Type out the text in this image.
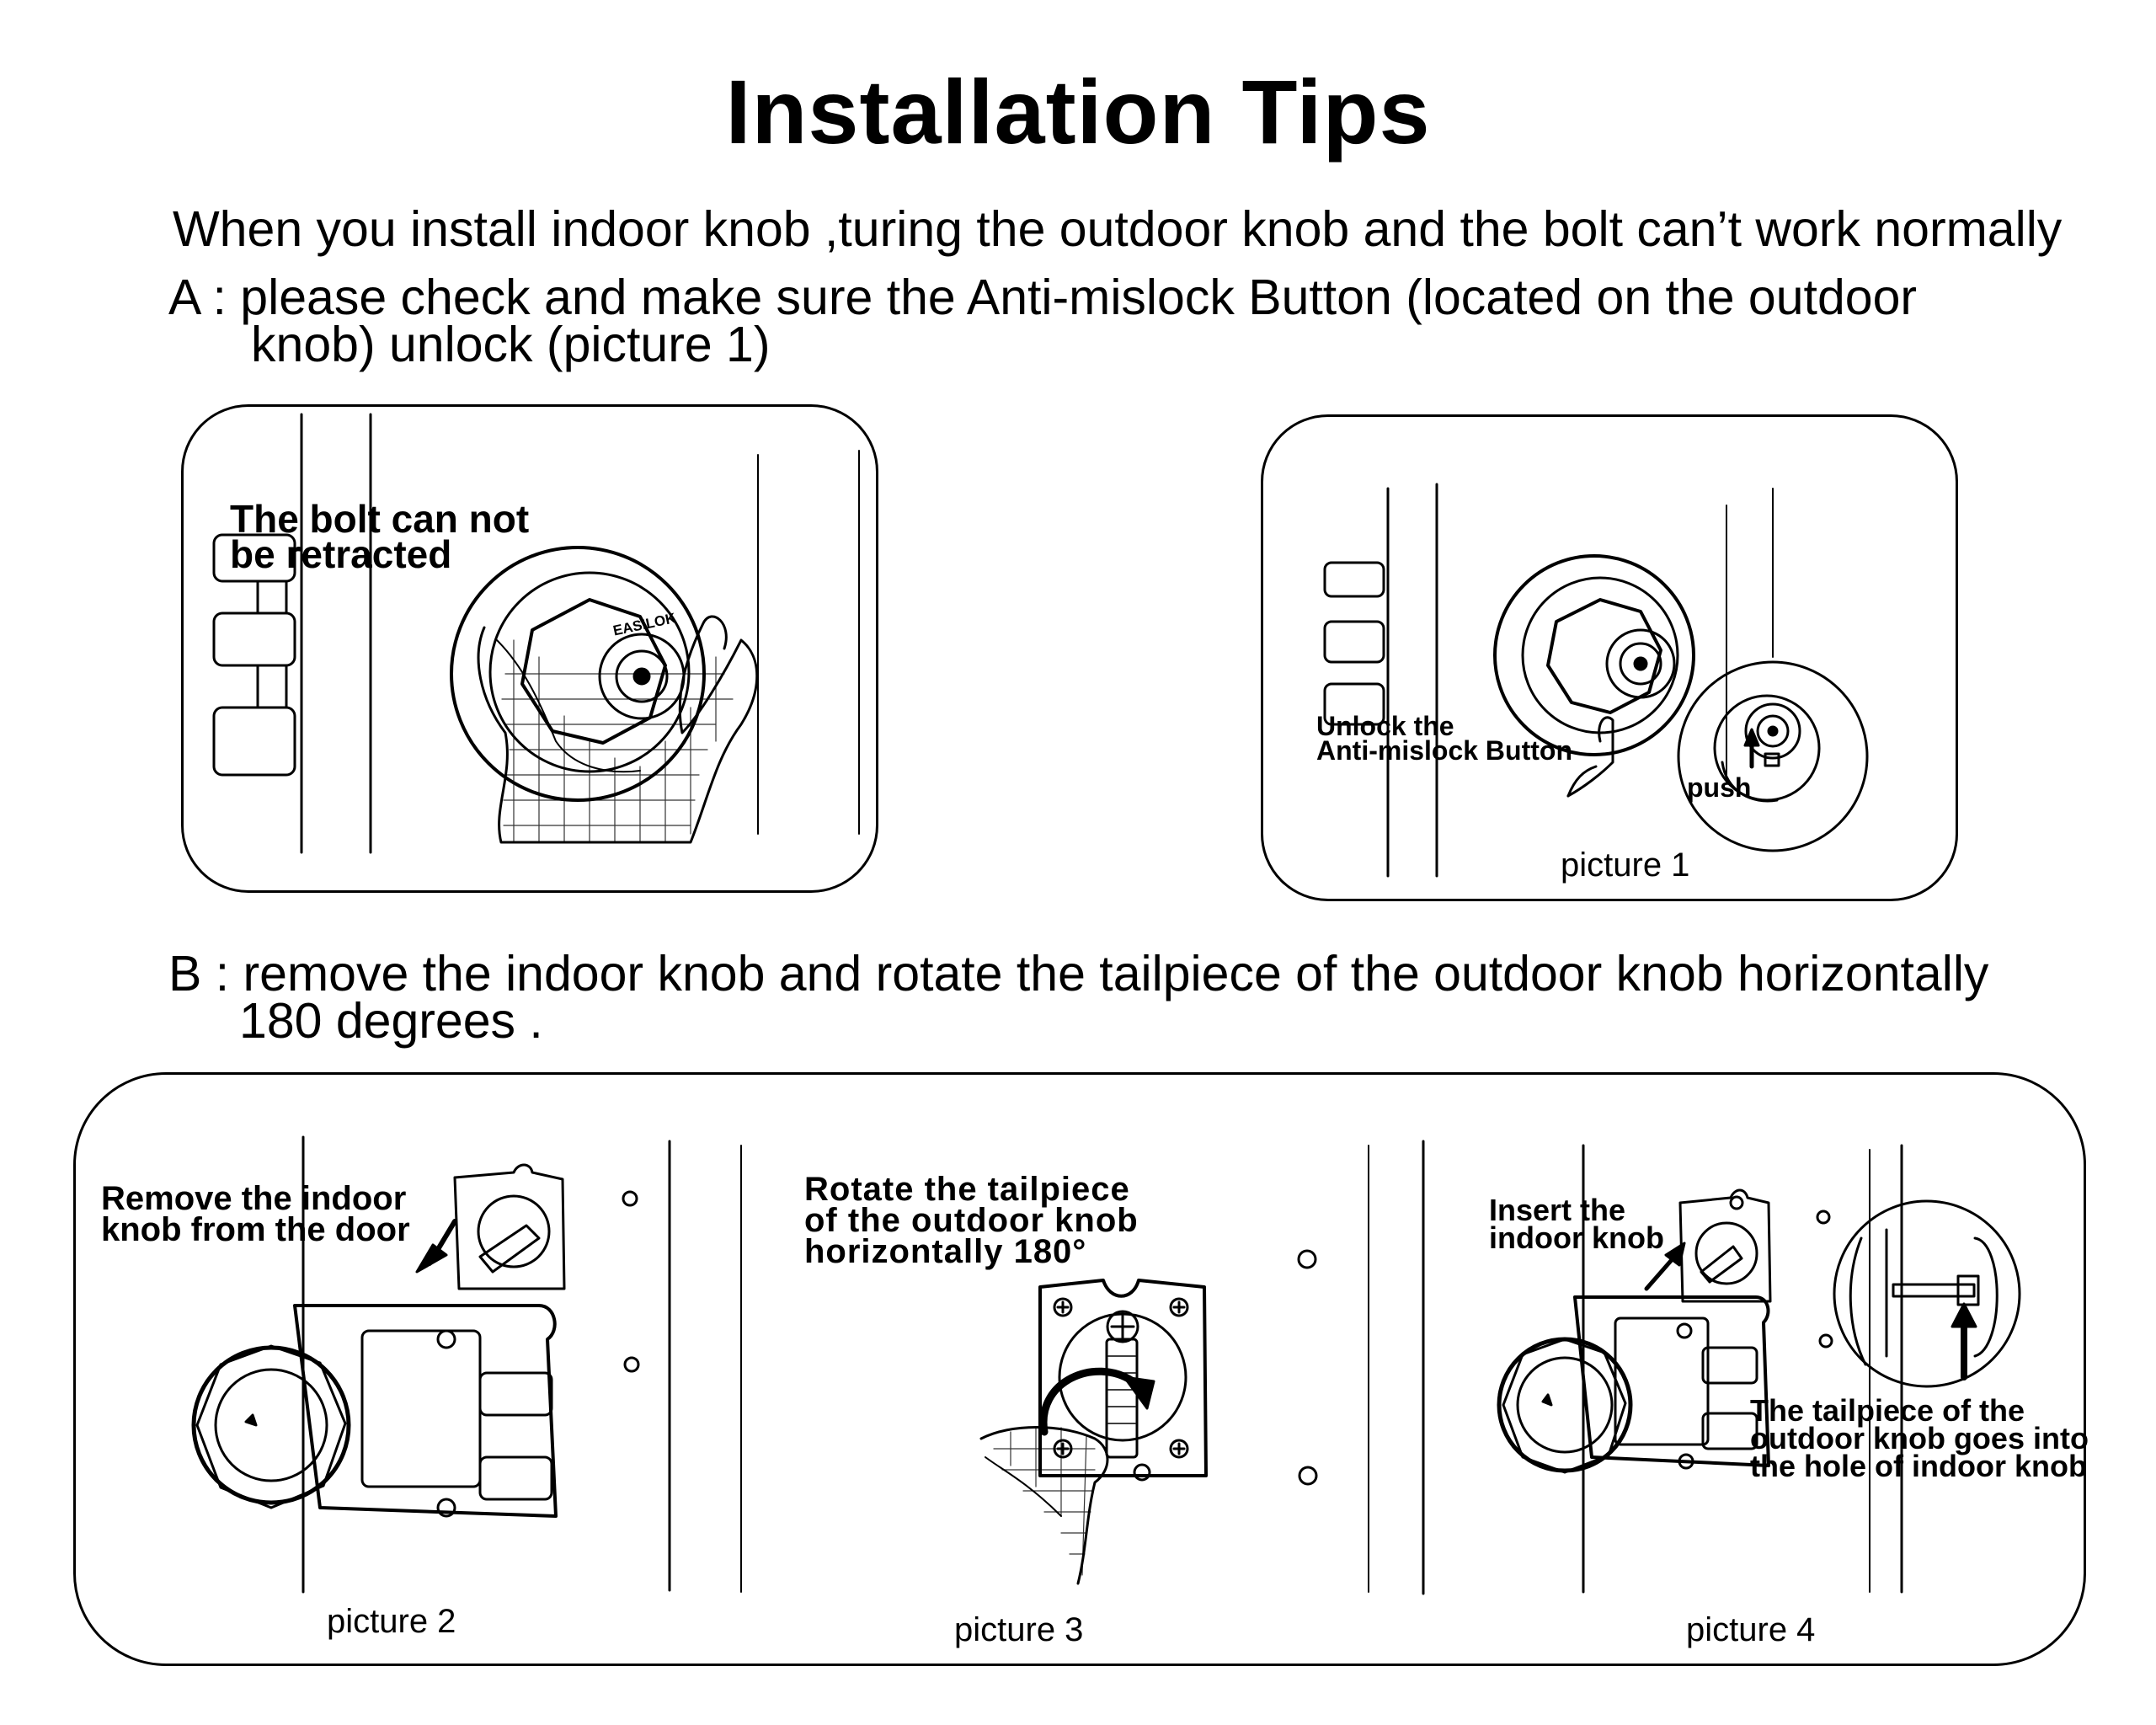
Installation Tips
When you install indoor knob ,turing the outdoor knob and the bolt can’t work normally
A : please check and make sure the Anti-mislock Button (located on the outdoor
knob) unlock (picture 1)
B : remove the indoor knob and rotate the tailpiece of the outdoor knob horizontally
180 degrees .
EASILOK
The bolt can not
be retracted
Unlock the
Anti-mislock Button
push
picture 1
Remove the indoor
knob from the door
picture 2
Rotate the tailpiece
of the outdoor knob
horizontally 180°
picture 3
Insert the
indoor knob
The tailpiece of the
outdoor knob goes into
the hole of indoor knob
picture 4
